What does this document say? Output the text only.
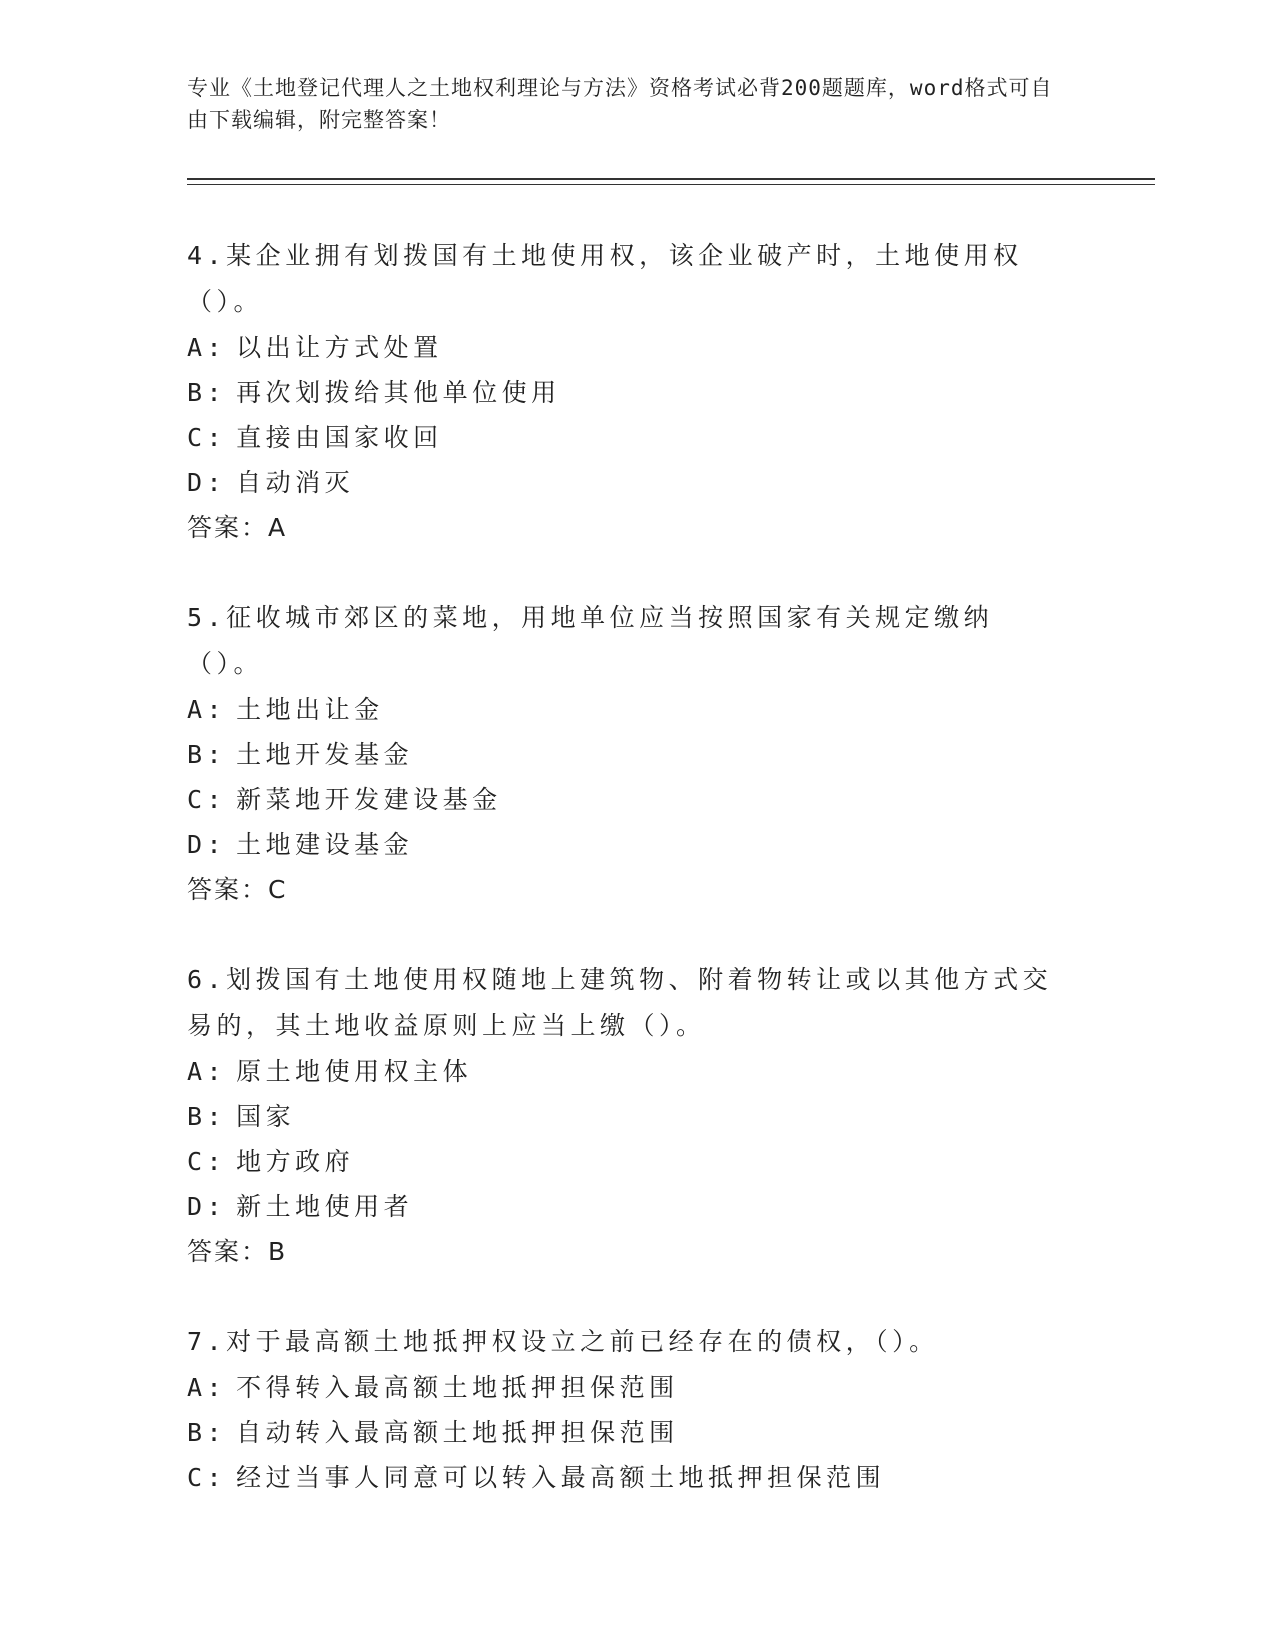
专业《土地登记代理人之土地权利理论与方法》资格考试必背200题题库，word格式可自由下载编辑，附完整答案！
4.某企业拥有划拨国有土地使用权，该企业破产时，土地使用权（）。
A: 以出让方式处置
B: 再次划拨给其他单位使用
C: 直接由国家收回
D: 自动消灭
答案：A
5.征收城市郊区的菜地，用地单位应当按照国家有关规定缴纳（）。
A: 土地出让金
B: 土地开发基金
C: 新菜地开发建设基金
D: 土地建设基金
答案：C
6.划拨国有土地使用权随地上建筑物、附着物转让或以其他方式交易的，其土地收益原则上应当上缴（）。
A: 原土地使用权主体
B: 国家
C: 地方政府
D: 新土地使用者
答案：B
7.对于最高额土地抵押权设立之前已经存在的债权，（）。
A: 不得转入最高额土地抵押担保范围
B: 自动转入最高额土地抵押担保范围
C: 经过当事人同意可以转入最高额土地抵押担保范围
